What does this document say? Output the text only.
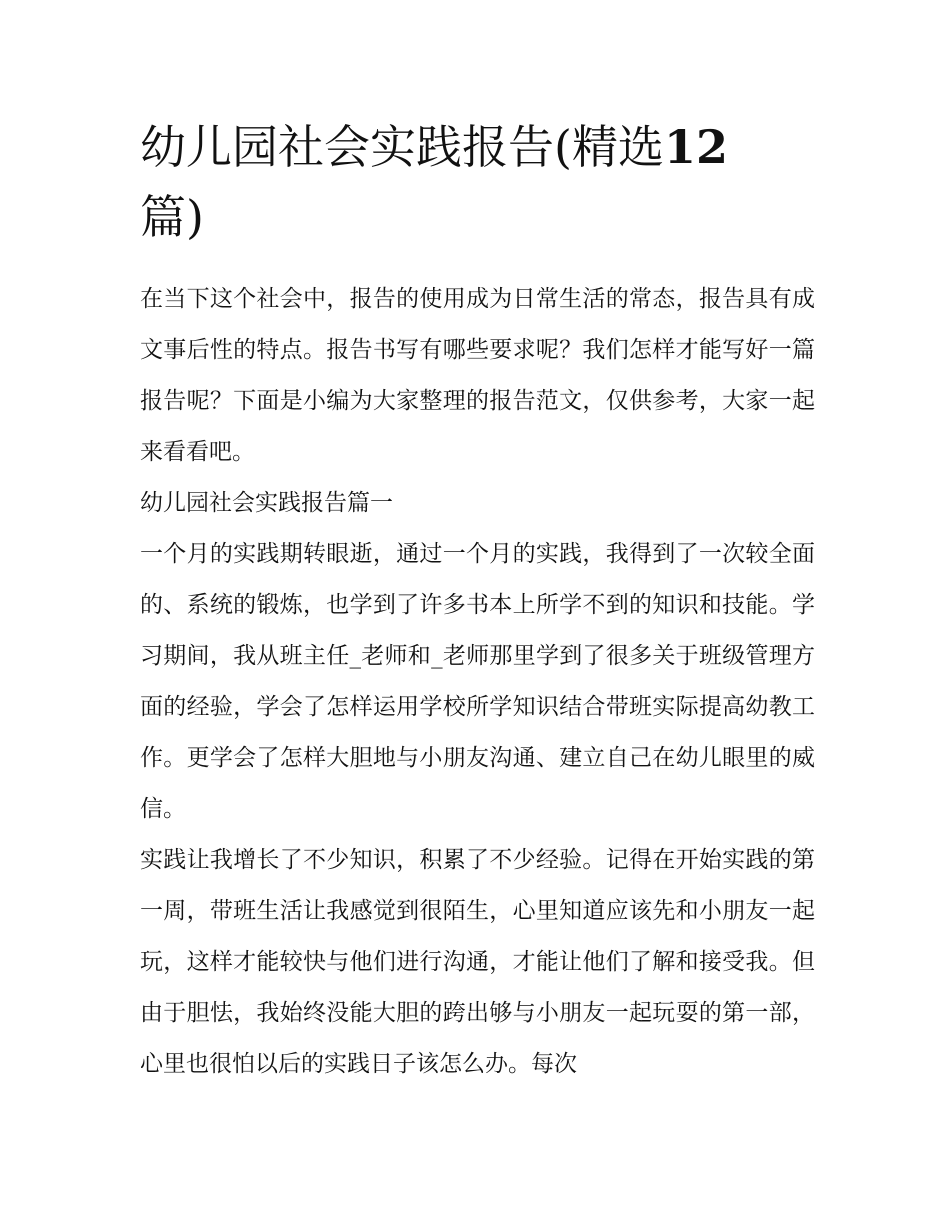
幼儿园社会实践报告(精选12
篇)

在当下这个社会中，报告的使用成为日常生活的常态，报告具有成文事后性的特点。报告书写有哪些要求呢？我们怎样才能写好一篇报告呢？下面是小编为大家整理的报告范文，仅供参考，大家一起来看看吧。

幼儿园社会实践报告篇一

一个月的实践期转眼逝，通过一个月的实践，我得到了一次较全面的、系统的锻炼，也学到了许多书本上所学不到的知识和技能。学习期间，我从班主任_老师和_老师那里学到了很多关于班级管理方面的经验，学会了怎样运用学校所学知识结合带班实际提高幼教工作。更学会了怎样大胆地与小朋友沟通、建立自己在幼儿眼里的威信。

实践让我增长了不少知识，积累了不少经验。记得在开始实践的第一周，带班生活让我感觉到很陌生，心里知道应该先和小朋友一起玩，这样才能较快与他们进行沟通，才能让他们了解和接受我。但由于胆怯，我始终没能大胆的跨出够与小朋友一起玩耍的第一部，心里也很怕以后的实践日子该怎么办。每次
